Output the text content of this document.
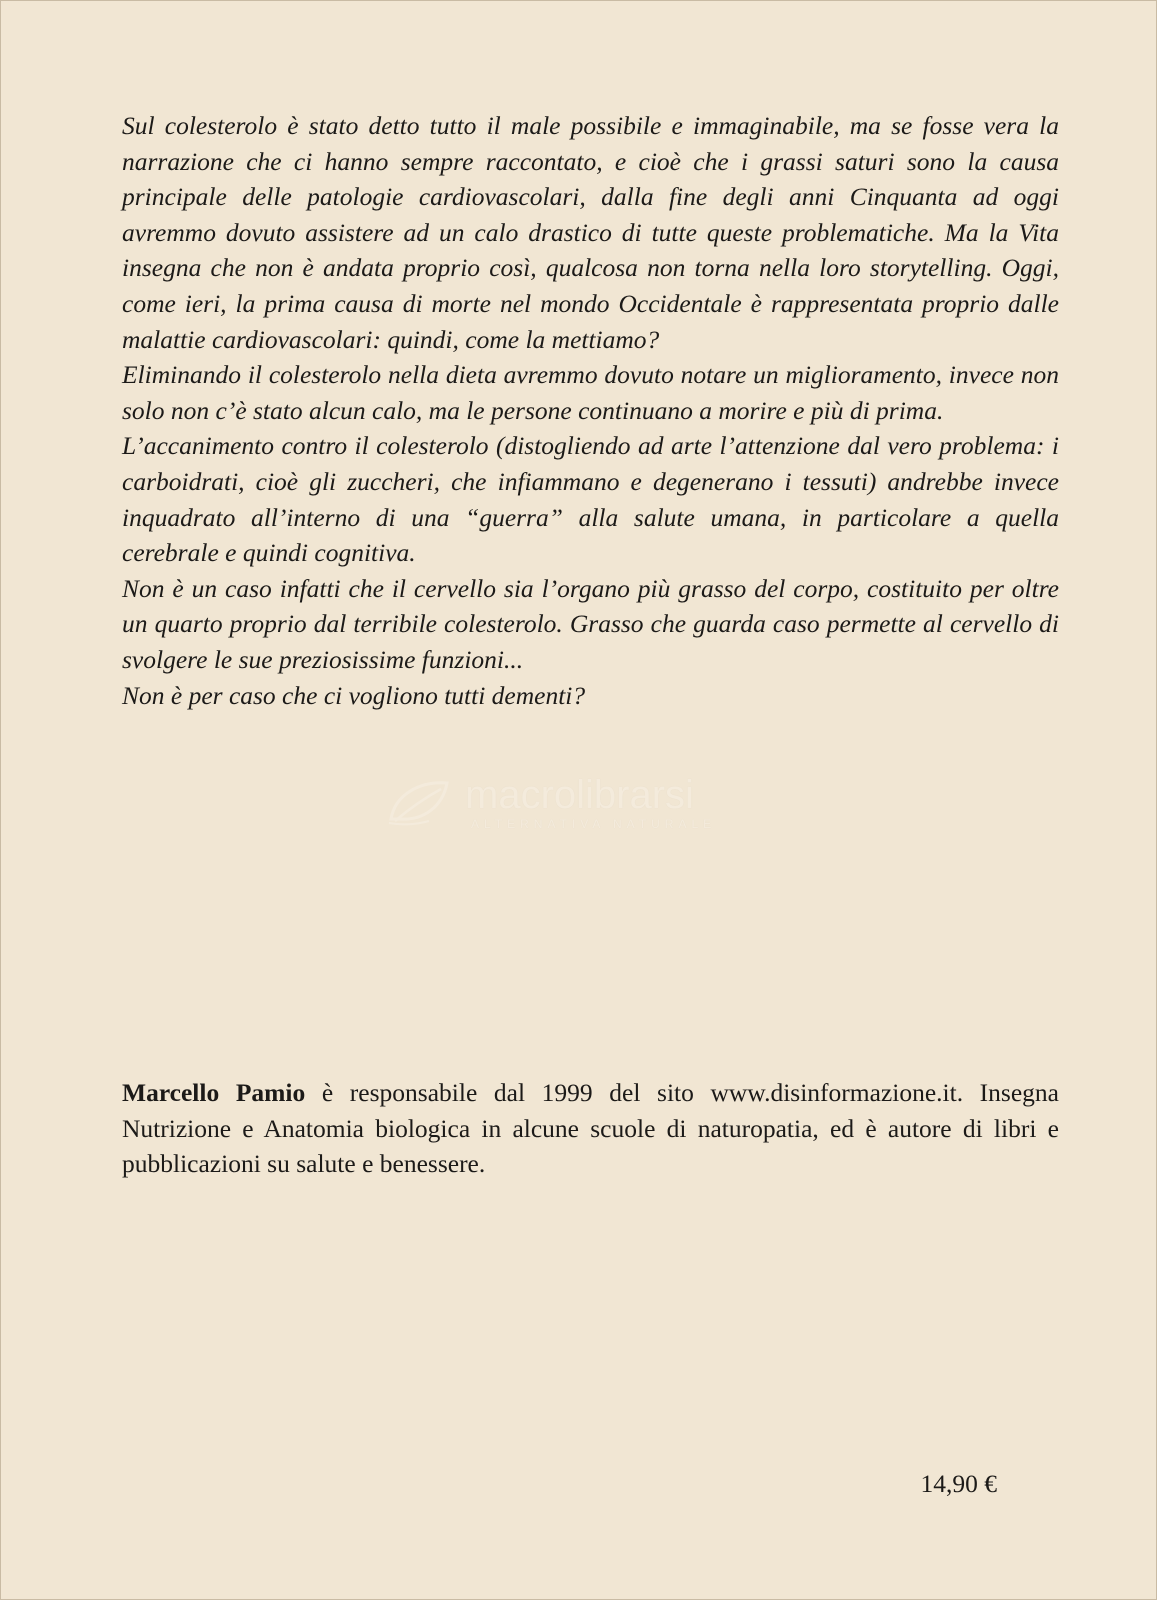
Sul colesterolo è stato detto tutto il male possibile e immaginabile, ma se fosse vera la narrazione che ci hanno sempre raccontato, e cioè che i grassi saturi sono la causa principale delle patologie cardiovascolari, dalla fine degli anni Cinquanta ad oggi avremmo dovuto assistere ad un calo drastico di tutte queste problematiche. Ma la Vita insegna che non è andata proprio così, qualcosa non torna nella loro storytelling. Oggi, come ieri, la prima causa di morte nel mondo Occidentale è rappresentata proprio dalle malattie cardiovascolari: quindi, come la mettiamo?

Eliminando il colesterolo nella dieta avremmo dovuto notare un miglioramento, invece non solo non c’è stato alcun calo, ma le persone continuano a morire e più di prima.

L’accanimento contro il colesterolo (distogliendo ad arte l’attenzione dal vero problema: i carboidrati, cioè gli zuccheri, che infiammano e degenerano i tessuti) andrebbe invece inquadrato all’interno di una “guerra” alla salute umana, in particolare a quella cerebrale e quindi cognitiva.

Non è un caso infatti che il cervello sia l’organo più grasso del corpo, costituito per oltre un quarto proprio dal terribile colesterolo. Grasso che guarda caso permette al cervello di svolgere le sue preziosissime funzioni...

Non è per caso che ci vogliono tutti dementi?

macrolibrarsi
ALTERNATIVA NATURALE
Marcello Pamio è responsabile dal 1999 del sito www.disinformazione.it. Insegna Nutrizione e Anatomia biologica in alcune scuole di naturopatia, ed è autore di libri e pubblicazioni su salute e benessere.
14,90 €
